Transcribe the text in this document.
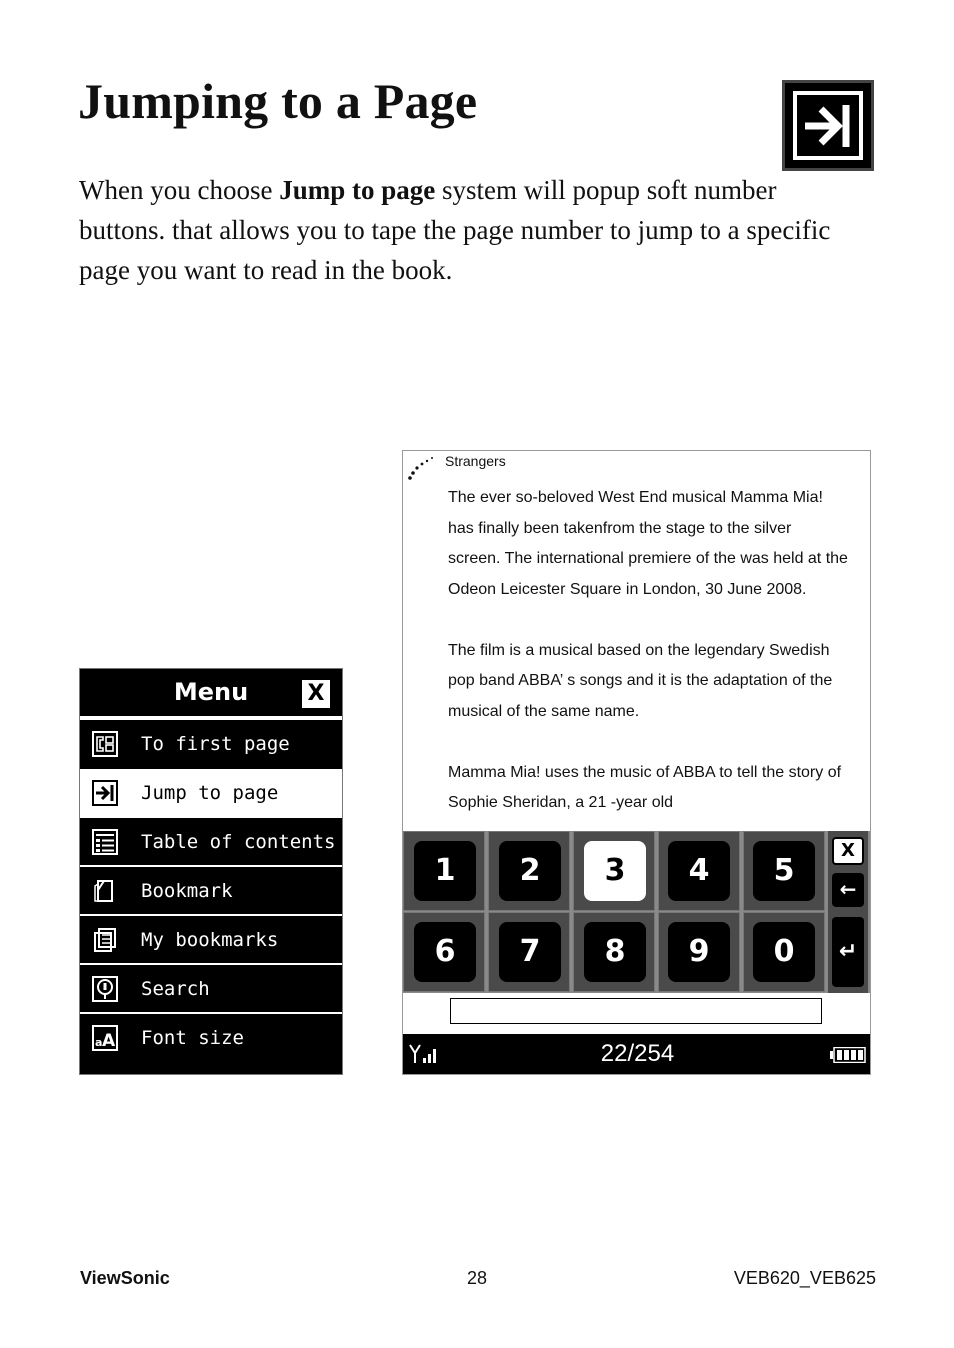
Jumping to a Page

When you choose Jump to page system will popup soft number buttons. that allows you to tape the page number to jump to a specific page you want to read in the book.

Menu	X
To first page
Jump to page
Table of contents
Bookmark
My bookmarks
Search
a A Font size
Strangers

The ever so-beloved West End musical Mamma Mia! has finally been takenfrom the stage to the silver screen. The international premiere of the was held at the Odeon Leicester Square in London, 30 June 2008.

The film is a musical based on the legendary Swedish pop band ABBA’ s songs and it is the adaptation of the musical of the same name.

Mamma Mia! uses the music of ABBA to tell the story of Sophie Sheridan, a 21 -year old

1	2	3	4	5
6	7	8	9	0
X
←
↵
22/254
ViewSonic	28	VEB620_VEB625
